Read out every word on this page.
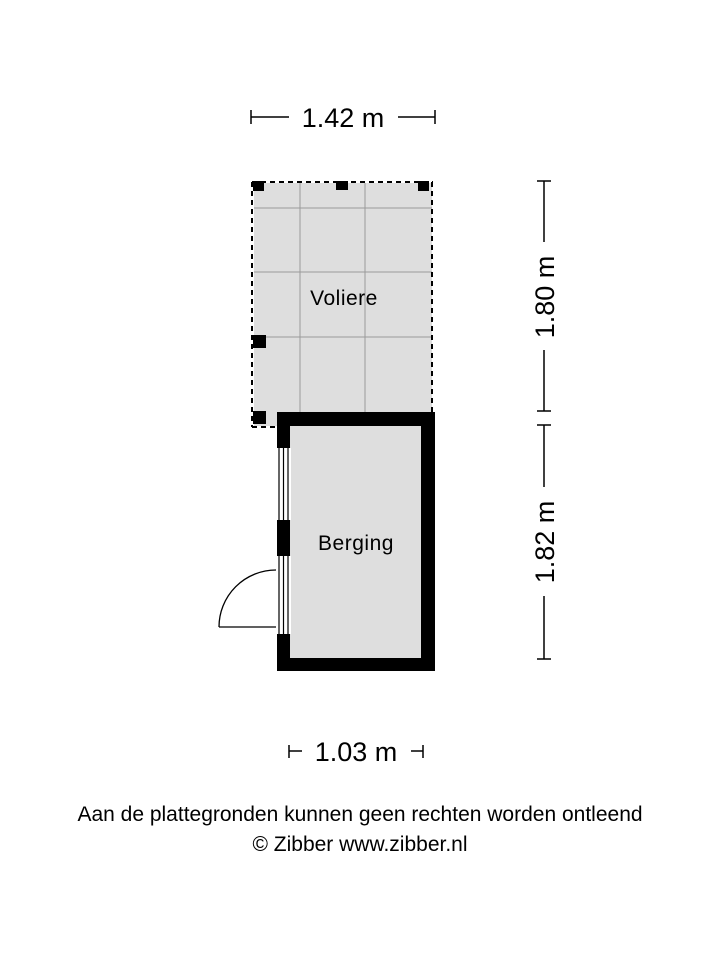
1.42 m
Voliere
Berging
1.80 m
1.82 m
1.03 m
Aan de plattegronden kunnen geen rechten worden ontleend
© Zibber www.zibber.nl
